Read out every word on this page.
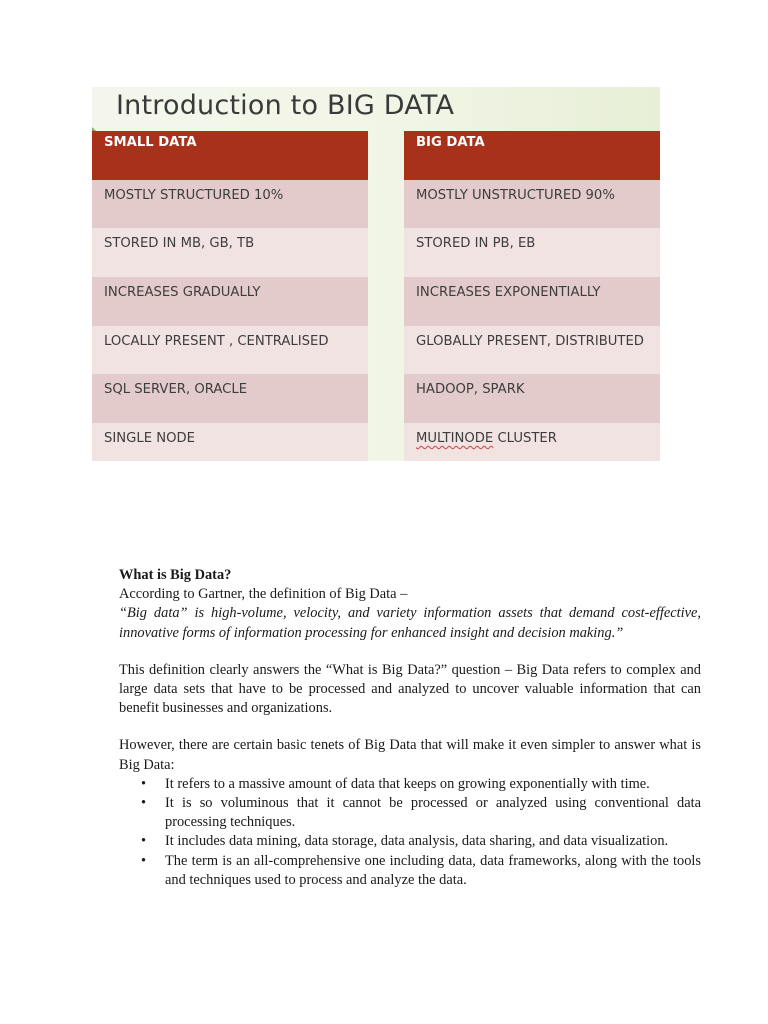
Introduction to BIG DATA
SMALL DATA
MOSTLY STRUCTURED 10%
STORED IN MB, GB, TB
INCREASES GRADUALLY
LOCALLY PRESENT , CENTRALISED
SQL SERVER, ORACLE
SINGLE NODE
BIG DATA
MOSTLY UNSTRUCTURED 90%
STORED IN PB, EB
INCREASES EXPONENTIALLY
GLOBALLY PRESENT, DISTRIBUTED
HADOOP, SPARK
MULTINODE CLUSTER
What is Big Data?

According to Gartner, the definition of Big Data –

“Big data” is high-volume, velocity, and variety information assets that demand cost-effective, innovative forms of information processing for enhanced insight and decision making.”

This definition clearly answers the “What is Big Data?” question – Big Data refers to complex and large data sets that have to be processed and analyzed to uncover valuable information that can benefit businesses and organizations.

However, there are certain basic tenets of Big Data that will make it even simpler to answer what is Big Data:

• It refers to a massive amount of data that keeps on growing exponentially with time.
• It is so voluminous that it cannot be processed or analyzed using conventional data processing techniques.
• It includes data mining, data storage, data analysis, data sharing, and data visualization.
• The term is an all-comprehensive one including data, data frameworks, along with the tools and techniques used to process and analyze the data.
